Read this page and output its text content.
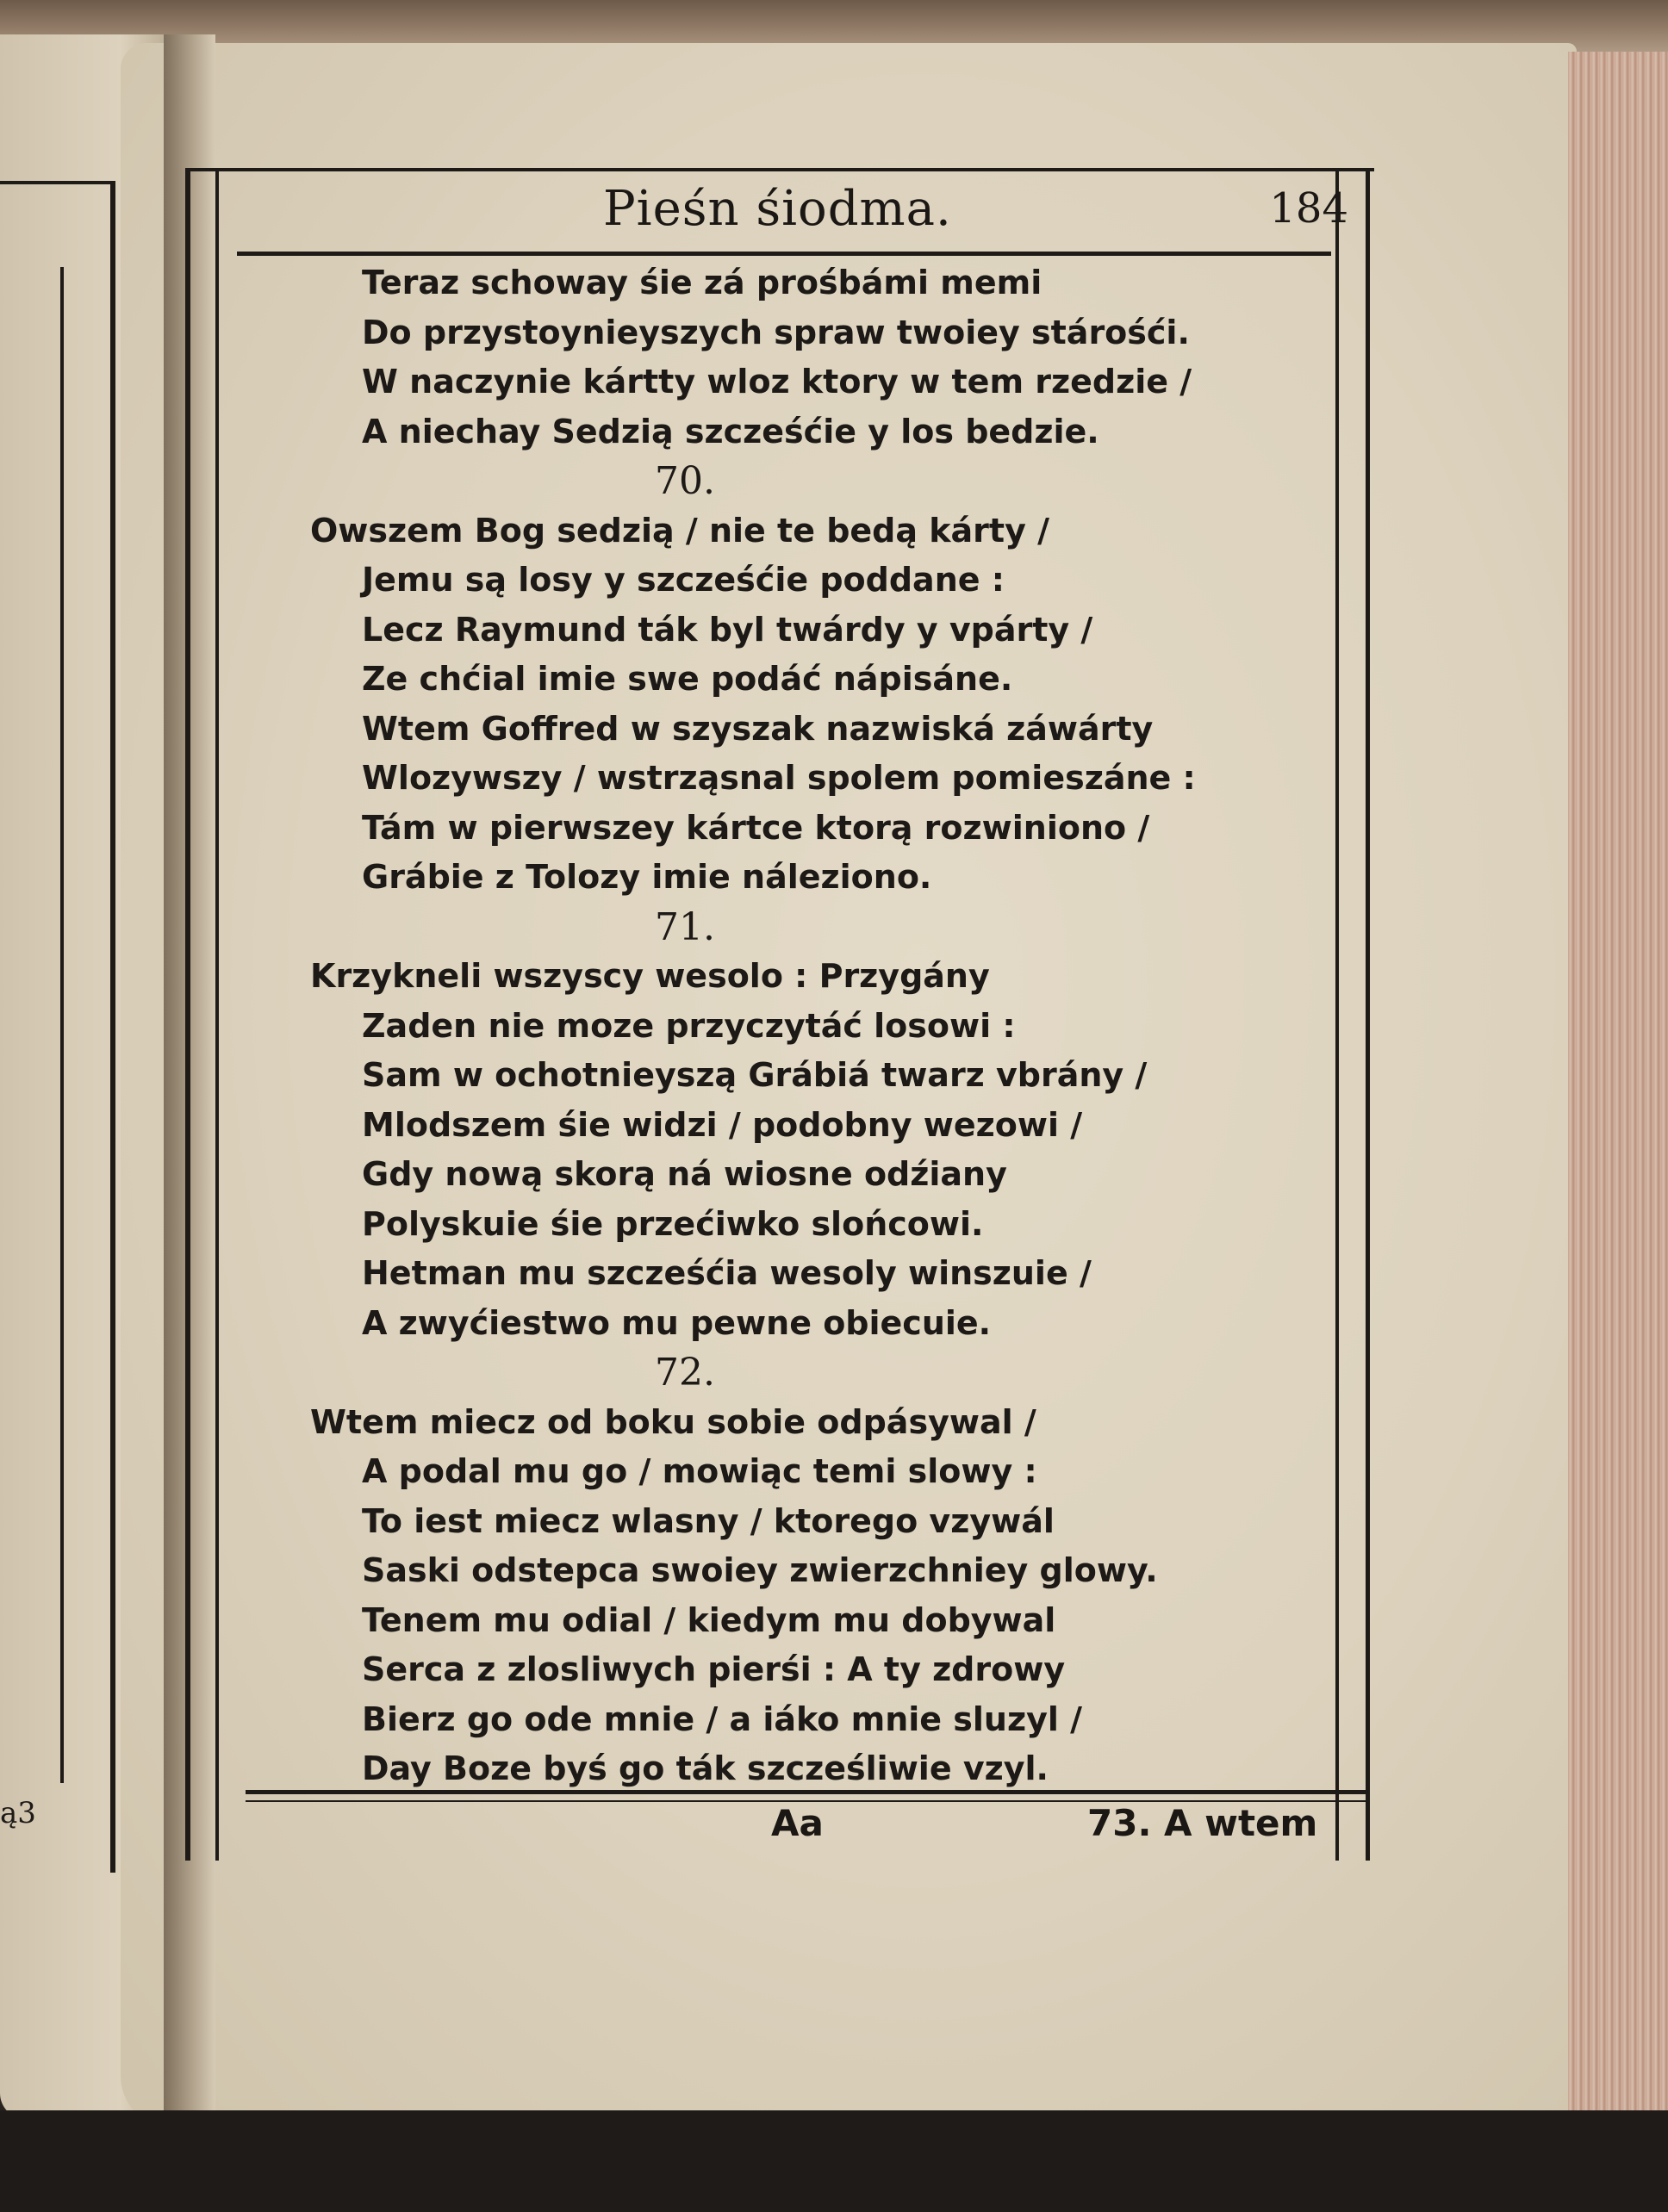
ą3
Pieśn śiodma.	184
Teraz schoway śie zá prośbámi memi
Do przystoynieyszych spraw twoiey stárośći.
W naczynie kártty wloz ktory w tem rzedzie /
A niechay Sedzią szcześćie y los bedzie.
70.
Owszem Bog sedzią / nie te bedą kárty /
Jemu są losy y szcześćie poddane :
Lecz Raymund ták byl twárdy y vpárty /
Ze chćial imie swe podáć nápisáne.
Wtem Goffred w szyszak nazwiská záwárty
Wlozywszy / wstrząsnal spolem pomieszáne :
Tám w pierwszey kártce ktorą rozwiniono /
Grábie z Tolozy imie náleziono.
71.
Krzykneli wszyscy wesolo : Przygány
Zaden nie moze przyczytáć losowi :
Sam w ochotnieyszą Grábiá twarz vbrány /
Mlodszem śie widzi / podobny wezowi /
Gdy nową skorą ná wiosne odźiany
Polyskuie śie przećiwko slońcowi.
Hetman mu szcześćia wesoly winszuie /
A zwyćiestwo mu pewne obiecuie.
72.
Wtem miecz od boku sobie odpásywal /
A podal mu go / mowiąc temi slowy :
To iest miecz wlasny / ktorego vzywál
Saski odstepca swoiey zwierzchniey glowy.
Tenem mu odial / kiedym mu dobywal
Serca z zlosliwych pierśi : A ty zdrowy
Bierz go ode mnie / a iáko mnie sluzyl /
Day Boze byś go ták szcześliwie vzyl.
Aa	73. A wtem
